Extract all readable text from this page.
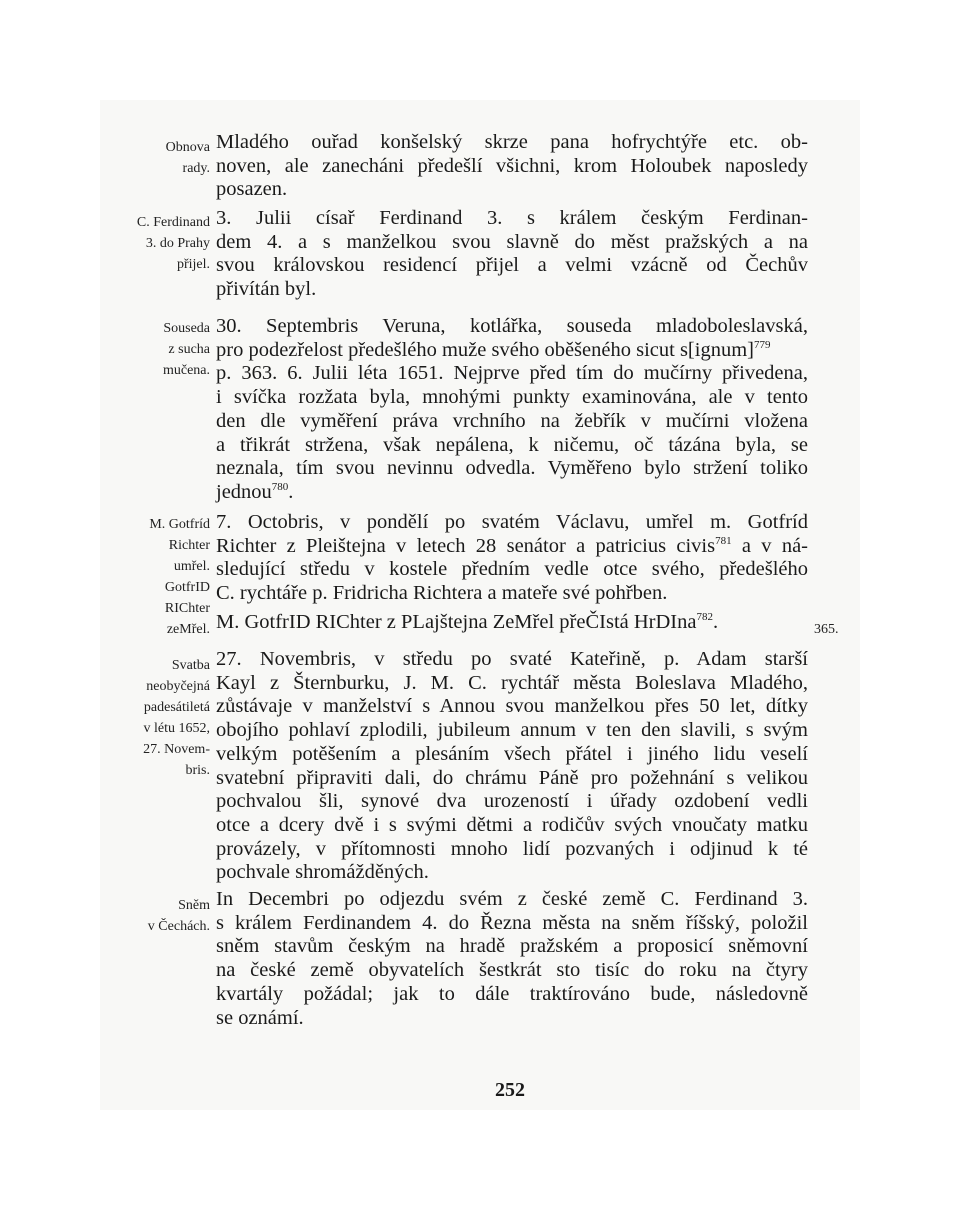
Obnova
rady.
Mladého ouřad konšelský skrze pana hofrychtýře etc. ob-
noven, ale zanecháni předešlí všichni, krom Holoubek naposledy
posazen.
C. Ferdinand
3. do Prahy
přijel.
3. Julii císař Ferdinand 3. s králem českým Ferdinan-
dem 4. a s manželkou svou slavně do měst pražských a na
svou královskou residencí přijel a velmi vzácně od Čechův
přivítán byl.
Souseda
z sucha
mučena.
30. Septembris Veruna, kotlářka, souseda mladoboleslavská,
pro podezřelost předešlého muže svého oběšeného sicut s[ignum]$^{779}$
p. 363. 6. Julii léta 1651. Nejprve před tím do mučírny přivedena,
i svíčka rozžata byla, mnohými punkty examinována, ale v tento
den dle vyměření práva vrchního na žebřík v mučírni vložena
a třikrát stržena, však nepálena, k ničemu, oč tázána byla, se
neznala, tím svou nevinnu odvedla. Vyměřeno bylo stržení toliko
jednou$^{780}$.
M. Gotfríd
Richter
umřel.
GotfrID
RIChter
zeMřel.
7. Octobris, v pondělí po svatém Václavu, umřel m. Gotfríd
Richter z Pleištejna v letech 28 senátor a patricius civis$^{781}$ a v ná-
sledující středu v kostele předním vedle otce svého, předešlého
C. rychtáře p. Fridricha Richtera a mateře své pohřben.
M. GotfrID RIChter z PLajštejna ZeMřel přeČIstá HrDIna$^{782}$.	365.
Svatba
neobyčejná
padesátiletá
v létu 1652,
27. Novem-
bris.
27. Novembris, v středu po svaté Kateřině, p. Adam starší
Kayl z Šternburku, J. M. C. rychtář města Boleslava Mladého,
zůstávaje v manželství s Annou svou manželkou přes 50 let, dítky
obojího pohlaví zplodili, jubileum annum v ten den slavili, s svým
velkým potěšením a plesáním všech přátel i jiného lidu veselí
svatební připraviti dali, do chrámu Páně pro požehnání s velikou
pochvalou šli, synové dva urozeností i úřady ozdobení vedli
otce a dcery dvě i s svými dětmi a rodičův svých vnoučaty matku
provázely, v přítomnosti mnoho lidí pozvaných i odjinud k té
pochvale shromážděných.
Sněm
v Čechách.
In Decembri po odjezdu svém z české země C. Ferdinand 3.
s králem Ferdinandem 4. do Řezna města na sněm říšský, položil
sněm stavům českým na hradě pražském a proposicí sněmovní
na české země obyvatelích šestkrát sto tisíc do roku na čtyry
kvartály požádal; jak to dále traktírováno bude, následovně
se oznámí.
252
